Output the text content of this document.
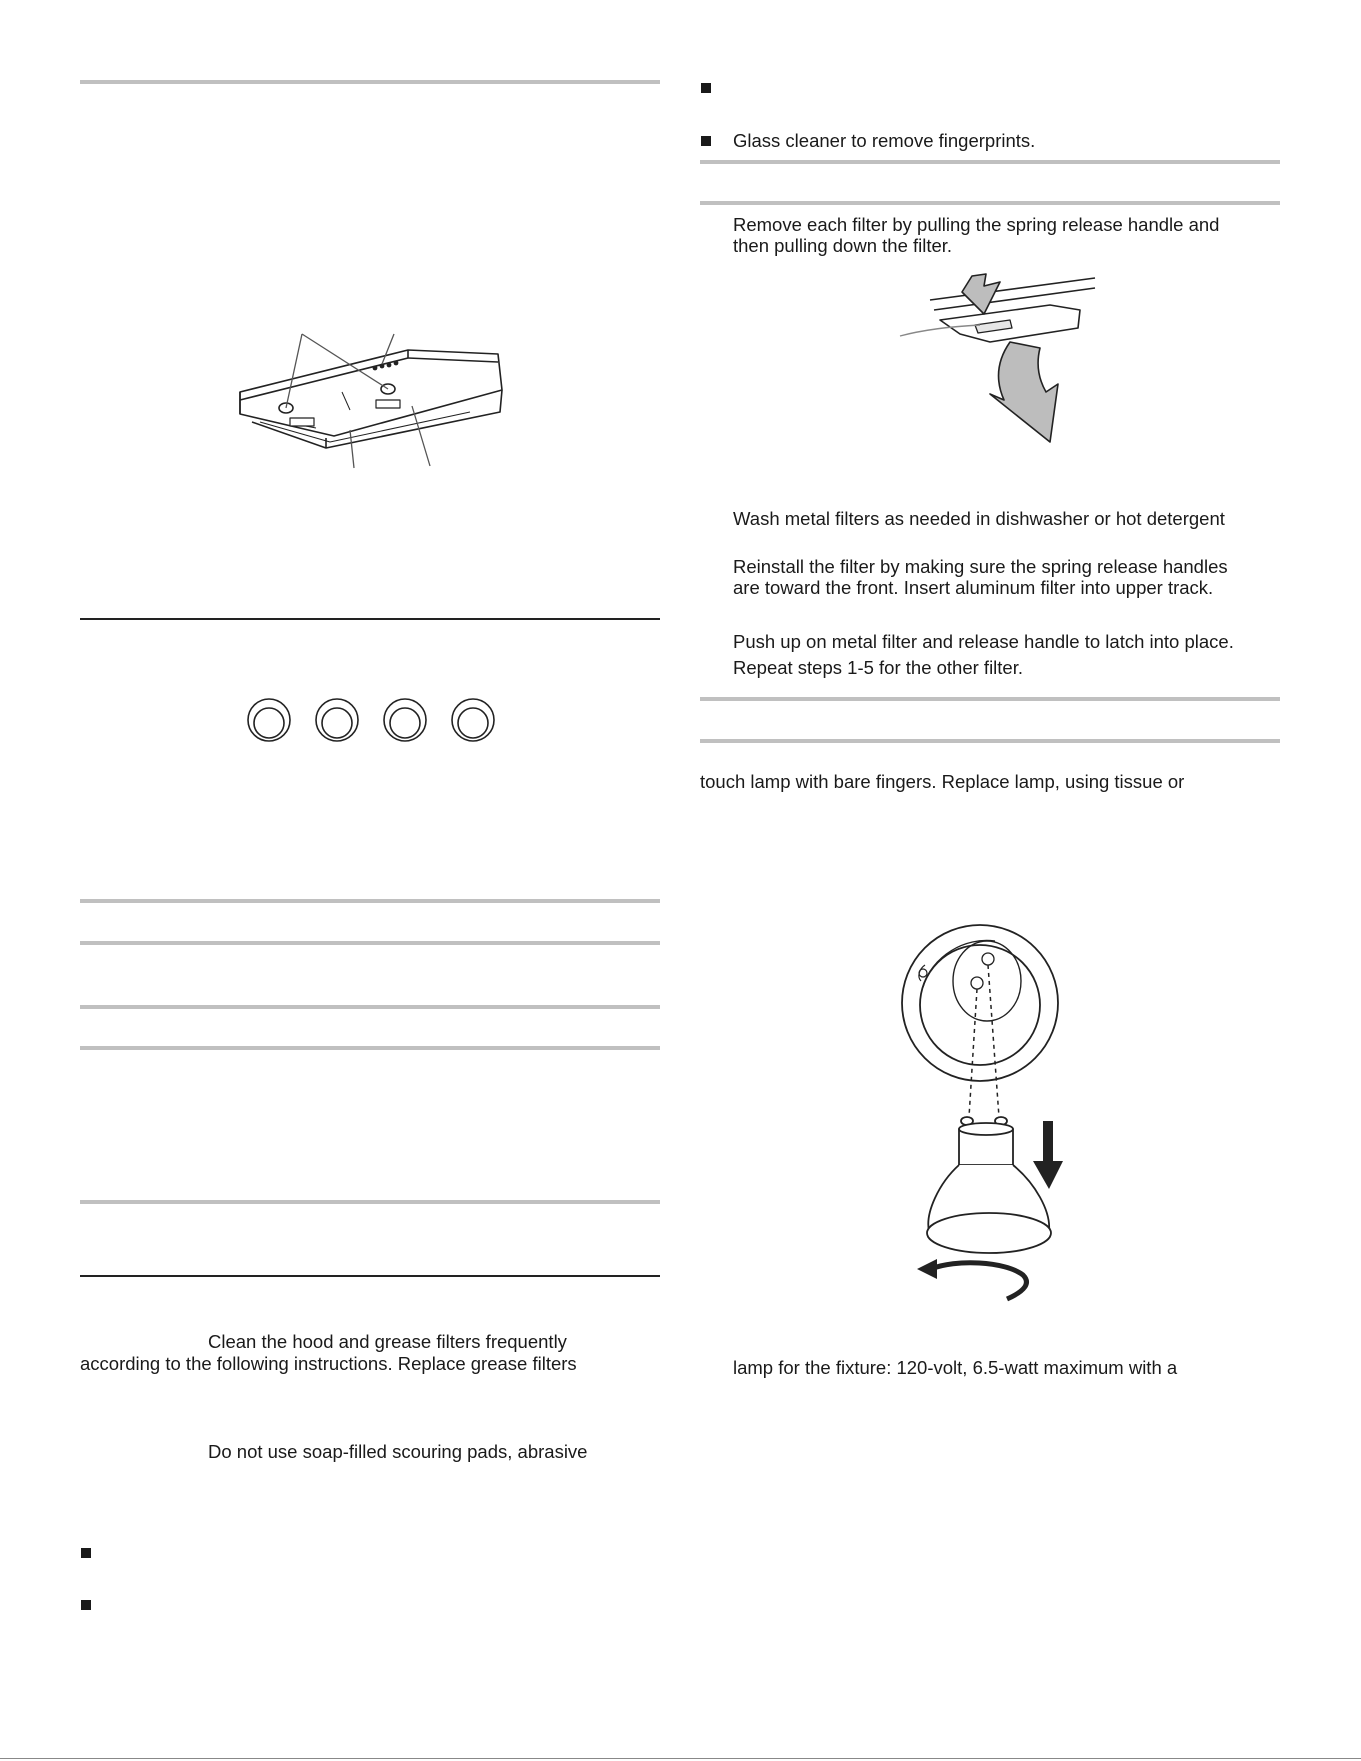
Clean the hood and grease filters frequently
according to the following instructions. Replace grease filters
Do not use soap-filled scouring pads, abrasive
Glass cleaner to remove fingerprints.
Remove each filter by pulling the spring release handle and
then pulling down the filter.
Wash metal filters as needed in dishwasher or hot detergent
Reinstall the filter by making sure the spring release handles
are toward the front. Insert aluminum filter into upper track.
Push up on metal filter and release handle to latch into place.
Repeat steps 1-5 for the other filter.
touch lamp with bare fingers. Replace lamp, using tissue or
lamp for the fixture: 120-volt, 6.5-watt maximum with a
